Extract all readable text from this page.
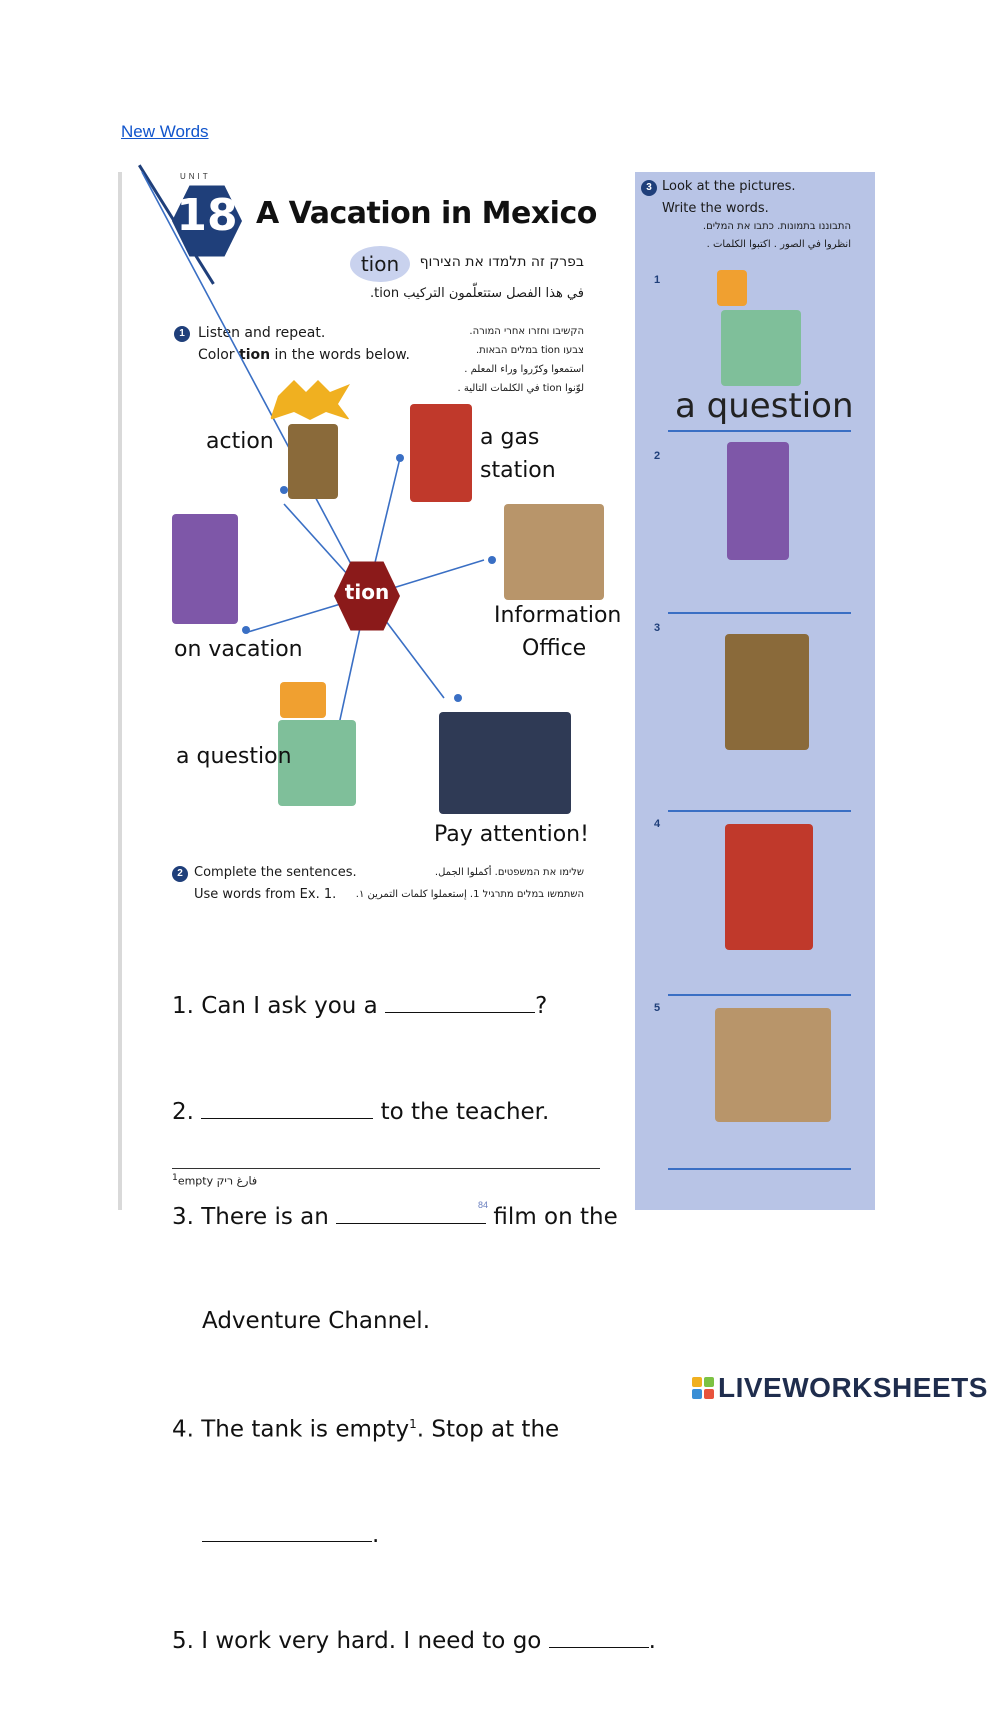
New Words
UNIT
18 A Vacation in Mexico
tion	בפרק זה תלמדו את הצירוף
في هذا الفصل ستتعلّمون التركيب tion.
1 Listen and repeat.
Color tion in the words below.
הקשיבו וחזרו אחרי המורה.
צבעו tion במלים הבאות.
استمعوا وكرّروا وراء المعلم .
لوّنوا tion في الكلمات التالية .
tion
action	a gas
station
Information
Office
on vacation
a question
Pay attention!
2 Complete the sentences.
Use words from Ex. 1.
שלימו את המשפטים. أكملوا الجمل.
השתמשו במלים מתרגיל 1. إستعملوا كلمات التمرين ١.

1. Can I ask you a	?

2.	to the teacher.

3. There is an	film on the

Adventure Channel.

4. The tank is empty$^1$. Stop at the

.

5. I work very hard. I need to go	.

$^1$empty فارغ ריק
84
3 Look at the pictures.
Write the words.
התבוננו בתמונות. כתבו את המלים.
انظروا في الصور . اكتبوا الكلمات .
1
a question
2
3
4
5
LIVEWORKSHEETS
